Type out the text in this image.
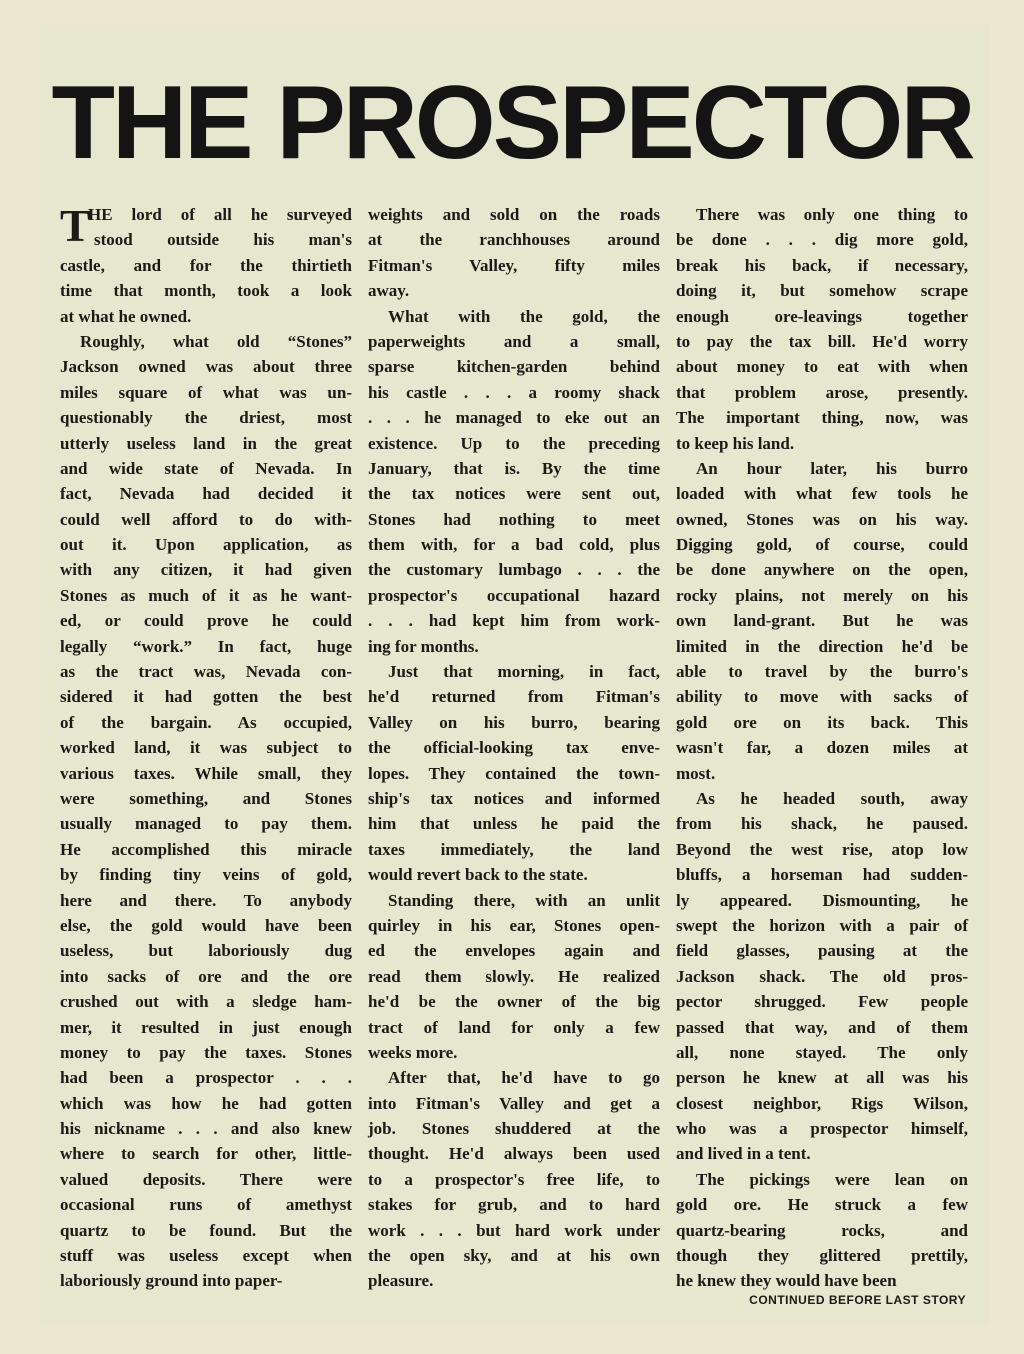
THE PROSPECTOR
HE lord of all he surveyed
stood outside his man's
castle, and for the thirtieth
time that month, took a look
at what he owned.
Roughly, what old “Stones”
Jackson owned was about three
miles square of what was un-
questionably the driest, most
utterly useless land in the great
and wide state of Nevada. In
fact, Nevada had decided it
could well afford to do with-
out it. Upon application, as
with any citizen, it had given
Stones as much of it as he want-
ed, or could prove he could
legally “work.” In fact, huge
as the tract was, Nevada con-
sidered it had gotten the best
of the bargain. As occupied,
worked land, it was subject to
various taxes. While small, they
were something, and Stones
usually managed to pay them.
He accomplished this miracle
by finding tiny veins of gold,
here and there. To anybody
else, the gold would have been
useless, but laboriously dug
into sacks of ore and the ore
crushed out with a sledge ham-
mer, it resulted in just enough
money to pay the taxes. Stones
had been a prospector . . .
which was how he had gotten
his nickname . . . and also knew
where to search for other, little-
valued deposits. There were
occasional runs of amethyst
quartz to be found. But the
stuff was useless except when
laboriously ground into paper-
T	weights and sold on the roads
at the ranchhouses around
Fitman's Valley, fifty miles
away.
What with the gold, the
paperweights and a small,
sparse kitchen-garden behind
his castle . . . a roomy shack
. . . he managed to eke out an
existence. Up to the preceding
January, that is. By the time
the tax notices were sent out,
Stones had nothing to meet
them with, for a bad cold, plus
the customary lumbago . . . the
prospector's occupational hazard
. . . had kept him from work-
ing for months.
Just that morning, in fact,
he'd returned from Fitman's
Valley on his burro, bearing
the official-looking tax enve-
lopes. They contained the town-
ship's tax notices and informed
him that unless he paid the
taxes immediately, the land
would revert back to the state.
Standing there, with an unlit
quirley in his ear, Stones open-
ed the envelopes again and
read them slowly. He realized
he'd be the owner of the big
tract of land for only a few
weeks more.
After that, he'd have to go
into Fitman's Valley and get a
job. Stones shuddered at the
thought. He'd always been used
to a prospector's free life, to
stakes for grub, and to hard
work . . . but hard work under
the open sky, and at his own
pleasure.
There was only one thing to
be done . . . dig more gold,
break his back, if necessary,
doing it, but somehow scrape
enough ore-leavings together
to pay the tax bill. He'd worry
about money to eat with when
that problem arose, presently.
The important thing, now, was
to keep his land.
An hour later, his burro
loaded with what few tools he
owned, Stones was on his way.
Digging gold, of course, could
be done anywhere on the open,
rocky plains, not merely on his
own land-grant. But he was
limited in the direction he'd be
able to travel by the burro's
ability to move with sacks of
gold ore on its back. This
wasn't far, a dozen miles at
most.
As he headed south, away
from his shack, he paused.
Beyond the west rise, atop low
bluffs, a horseman had sudden-
ly appeared. Dismounting, he
swept the horizon with a pair of
field glasses, pausing at the
Jackson shack. The old pros-
pector shrugged. Few people
passed that way, and of them
all, none stayed. The only
person he knew at all was his
closest neighbor, Rigs Wilson,
who was a prospector himself,
and lived in a tent.
The pickings were lean on
gold ore. He struck a few
quartz-bearing rocks, and
though they glittered prettily,
he knew they would have been
CONTINUED BEFORE LAST STORY
